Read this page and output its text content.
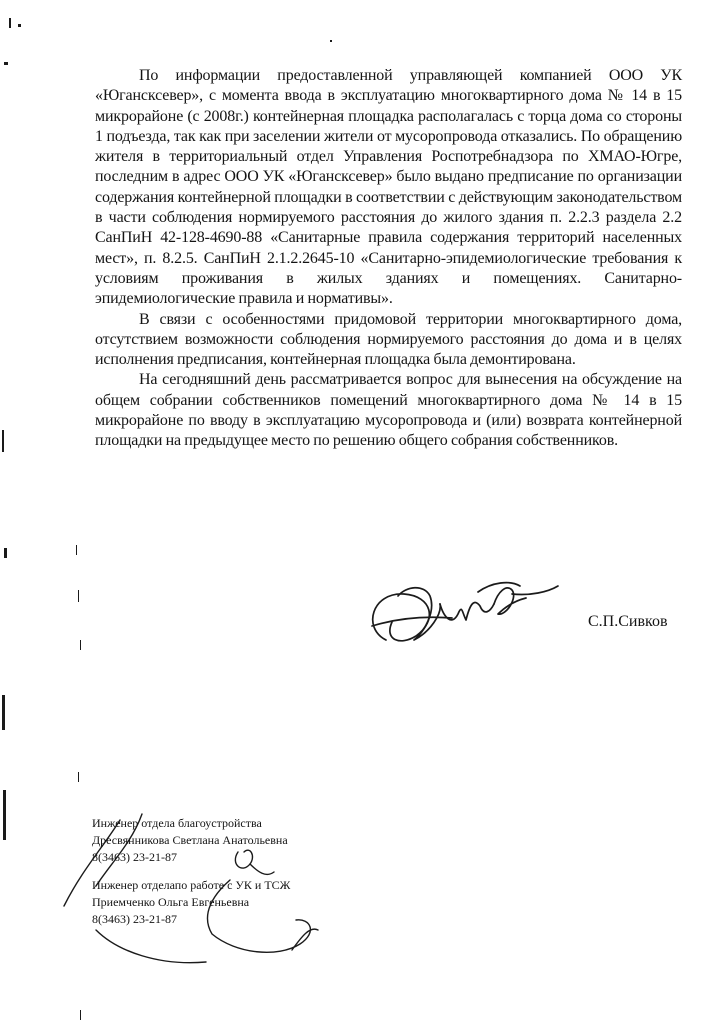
По информации предоставленной управляющей компанией ООО УК «Югансксевер», с момента ввода в эксплуатацию многоквартирного дома № 14 в 15 микрорайоне (с 2008г.) контейнерная площадка располагалась с торца дома со стороны 1 подъезда, так как при заселении жители от мусоропровода отказались. По обращению жителя в территориальный отдел Управления Роспотребнадзора по ХМАО-Югре, последним в адрес ООО УК «Югансксевер» было выдано предписание по организации содержания контейнерной площадки в соответствии с действующим законодательством в части соблюдения нормируемого расстояния до жилого здания п. 2.2.3 раздела 2.2 СанПиН 42-128-4690-88 «Санитарные правила содержания территорий населенных мест», п. 8.2.5. СанПиН 2.1.2.2645-10 «Санитарно-эпидемиологические требования к условиям проживания в жилых зданиях и помещениях. Санитарно-эпидемиологические правила и нормативы».

В связи с особенностями придомовой территории многоквартирного дома, отсутствием возможности соблюдения нормируемого расстояния до дома и в целях исполнения предписания, контейнерная площадка была демонтирована.

На сегодняшний день рассматривается вопрос для вынесения на обсуждение на общем собрании собственников помещений многоквартирного дома № 14 в 15 микрорайоне по вводу в эксплуатацию мусоропровода и (или) возврата контейнерной площадки на предыдущее место по решению общего собрания собственников.

С.П.Сивков
Инженер отдела благоустройства
Дресвянникова Светлана Анатольевна
8(3463) 23-21-87
Инженер отделапо работе с УК и ТСЖ
Приемченко Ольга Евгеньевна
8(3463) 23-21-87
